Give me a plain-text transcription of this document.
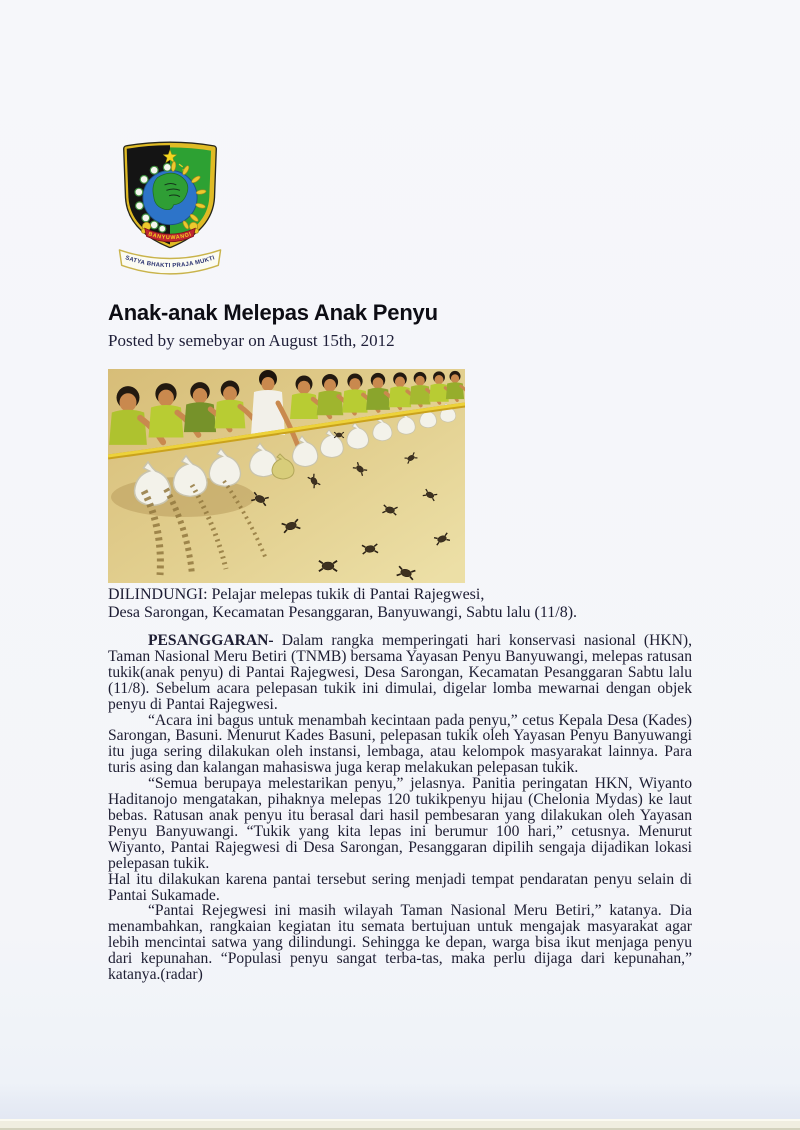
SATYA BHAKTI PRAJA MUKTI
BANYUWANGI
Anak-anak Melepas Anak Penyu
Posted by semebyar on August 15th, 2012
DILINDUNGI: Pelajar melepas tukik di Pantai Rajegwesi,
Desa Sarongan, Kecamatan Pesanggaran, Banyuwangi, Sabtu lalu (11/8).

PESANGGARAN- Dalam rangka memperingati hari konservasi nasional (HKN), Taman Nasional Meru Betiri (TNMB) bersama Yayasan Penyu Banyuwangi, melepas ratusan tukik(anak penyu) di Pantai Rajegwesi, Desa Sarongan, Kecamatan Pesanggaran Sabtu lalu (11/8). Sebelum acara pelepasan tukik ini dimulai, digelar lomba mewarnai dengan objek penyu di Pantai Rajegwesi.

“Acara ini bagus untuk menambah kecintaan pada penyu,” cetus Kepala Desa (Kades) Sarongan, Basuni. Menurut Kades Basuni, pelepasan tukik oleh Yayasan Penyu Banyuwangi itu juga sering dilakukan oleh instansi, lembaga, atau kelompok masyarakat lainnya. Para turis asing dan kalangan mahasiswa juga kerap melakukan pelepasan tukik.

“Semua berupaya melestarikan penyu,” jelasnya. Panitia peringatan HKN, Wiyanto Haditanojo mengatakan, pihaknya melepas 120 tukikpenyu hijau (Chelonia Mydas) ke laut bebas. Ratusan anak penyu itu berasal dari hasil pembesaran yang dilakukan oleh Yayasan Penyu Banyuwangi. “Tukik yang kita lepas ini berumur 100 hari,” cetusnya. Menurut Wiyanto, Pantai Rajegwesi di Desa Sarongan, Pesanggaran dipilih sengaja dijadikan lokasi pelepasan tukik.

Hal itu dilakukan karena pantai tersebut sering menjadi tempat pendaratan penyu selain di Pantai Sukamade.

“Pantai Rejegwesi ini masih wilayah Taman Nasional Meru Betiri,” katanya. Dia menambahkan, rangkaian kegiatan itu semata bertujuan untuk mengajak masyarakat agar lebih mencintai satwa yang dilindungi. Sehingga ke depan, warga bisa ikut menjaga penyu dari kepunahan. “Populasi penyu sangat terba-tas, maka perlu dijaga dari kepunahan,” katanya.(radar)
